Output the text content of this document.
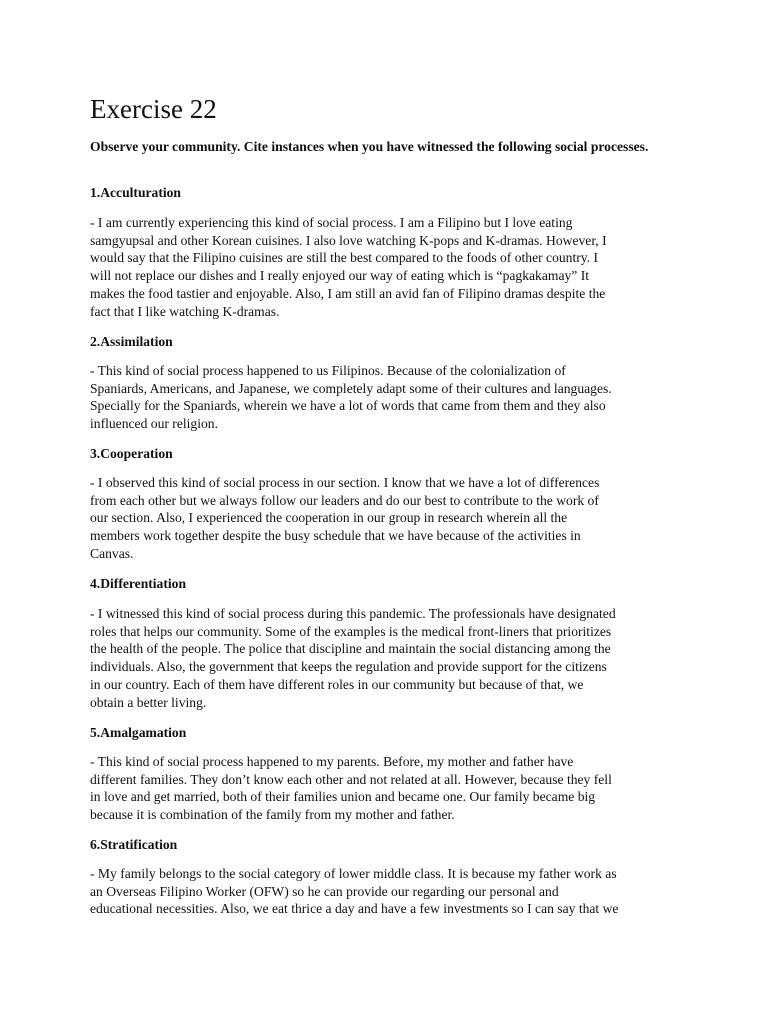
Exercise 22

Observe your community. Cite instances when you have witnessed the following social processes.

1.Acculturation

- I am currently experiencing this kind of social process. I am a Filipino but I love eating
samgyupsal and other Korean cuisines. I also love watching K-pops and K-dramas. However, I
would say that the Filipino cuisines are still the best compared to the foods of other country. I
will not replace our dishes and I really enjoyed our way of eating which is “pagkakamay” It
makes the food tastier and enjoyable. Also, I am still an avid fan of Filipino dramas despite the
fact that I like watching K-dramas.

2.Assimilation

- This kind of social process happened to us Filipinos. Because of the colonialization of
Spaniards, Americans, and Japanese, we completely adapt some of their cultures and languages.
Specially for the Spaniards, wherein we have a lot of words that came from them and they also
influenced our religion.

3.Cooperation

- I observed this kind of social process in our section. I know that we have a lot of differences
from each other but we always follow our leaders and do our best to contribute to the work of
our section. Also, I experienced the cooperation in our group in research wherein all the
members work together despite the busy schedule that we have because of the activities in
Canvas.

4.Differentiation

- I witnessed this kind of social process during this pandemic. The professionals have designated
roles that helps our community. Some of the examples is the medical front-liners that prioritizes
the health of the people. The police that discipline and maintain the social distancing among the
individuals. Also, the government that keeps the regulation and provide support for the citizens
in our country. Each of them have different roles in our community but because of that, we
obtain a better living.

5.Amalgamation

- This kind of social process happened to my parents. Before, my mother and father have
different families. They don’t know each other and not related at all. However, because they fell
in love and get married, both of their families union and became one. Our family became big
because it is combination of the family from my mother and father.

6.Stratification

- My family belongs to the social category of lower middle class. It is because my father work as
an Overseas Filipino Worker (OFW) so he can provide our regarding our personal and
educational necessities. Also, we eat thrice a day and have a few investments so I can say that we
